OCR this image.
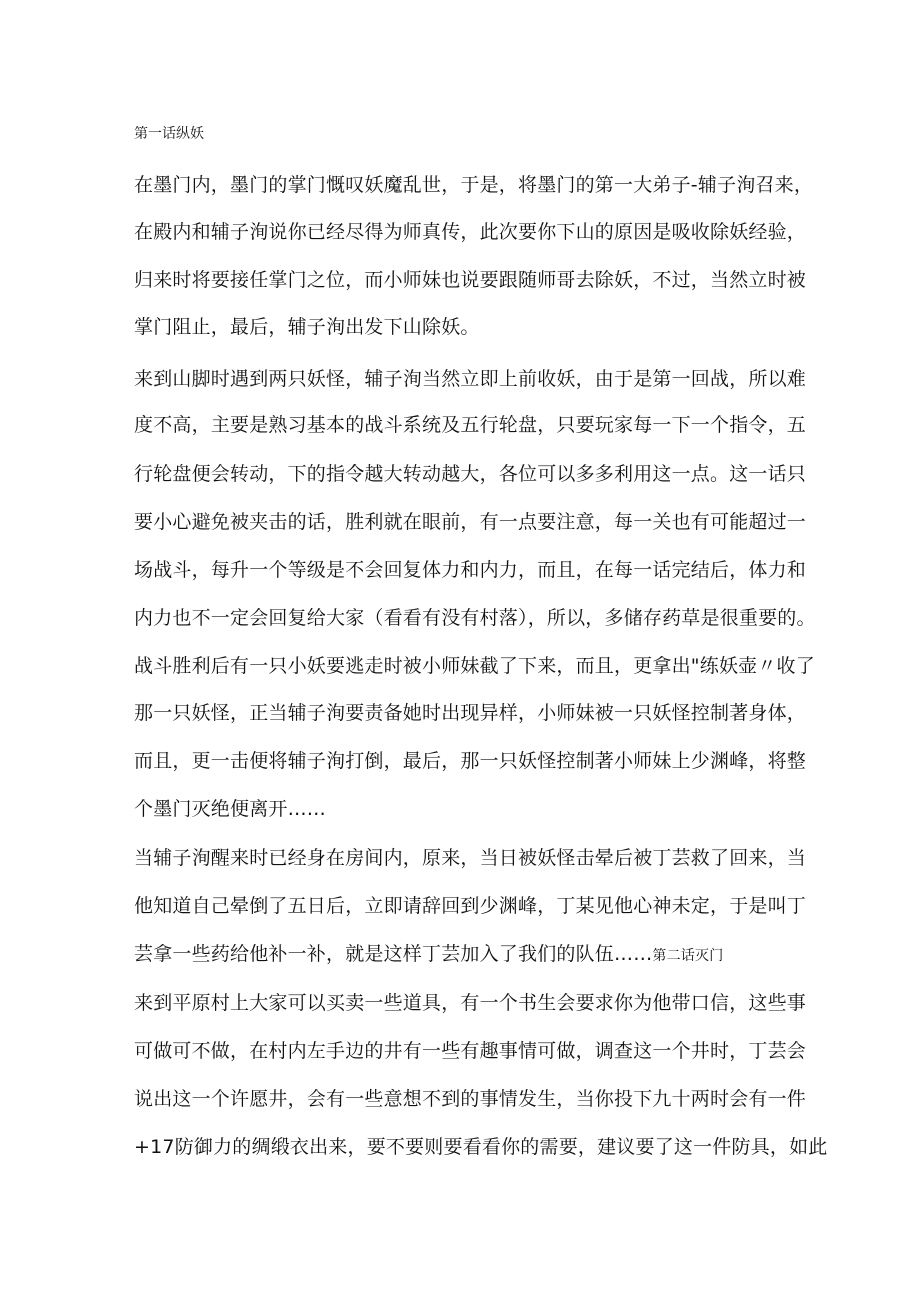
第一话纵妖
在墨门内，墨门的掌门慨叹妖魔乱世，于是，将墨门的第一大弟子-辅子洵召来，
在殿内和辅子洵说你已经尽得为师真传，此次要你下山的原因是吸收除妖经验，
归来时将要接任掌门之位，而小师妹也说要跟随师哥去除妖，不过，当然立时被
掌门阻止，最后，辅子洵出发下山除妖。
来到山脚时遇到两只妖怪，辅子洵当然立即上前收妖，由于是第一回战，所以难
度不高，主要是熟习基本的战斗系统及五行轮盘，只要玩家每一下一个指令，五
行轮盘便会转动，下的指令越大转动越大，各位可以多多利用这一点。这一话只
要小心避免被夹击的话，胜利就在眼前，有一点要注意，每一关也有可能超过一
场战斗，每升一个等级是不会回复体力和内力，而且，在每一话完结后，体力和
内力也不一定会回复给大家（看看有没有村落），所以，多储存药草是很重要的。
战斗胜利后有一只小妖要逃走时被小师妹截了下来，而且，更拿出"练妖壶〃收了
那一只妖怪，正当辅子洵要责备她时出现异样，小师妹被一只妖怪控制著身体，
而且，更一击便将辅子洵打倒，最后，那一只妖怪控制著小师妹上少渊峰，将整
个墨门灭绝便离开……
当辅子洵醒来时已经身在房间内，原来，当日被妖怪击晕后被丁芸救了回来，当
他知道自己晕倒了五日后，立即请辞回到少渊峰，丁某见他心神未定，于是叫丁
芸拿一些药给他补一补，就是这样丁芸加入了我们的队伍……第二话灭门
来到平原村上大家可以买卖一些道具，有一个书生会要求你为他带口信，这些事
可做可不做，在村内左手边的井有一些有趣事情可做，调查这一个井时，丁芸会
说出这一个许愿井，会有一些意想不到的事情发生，当你投下九十两时会有一件
+17防御力的绸缎衣出来，要不要则要看看你的需要，建议要了这一件防具，如此
